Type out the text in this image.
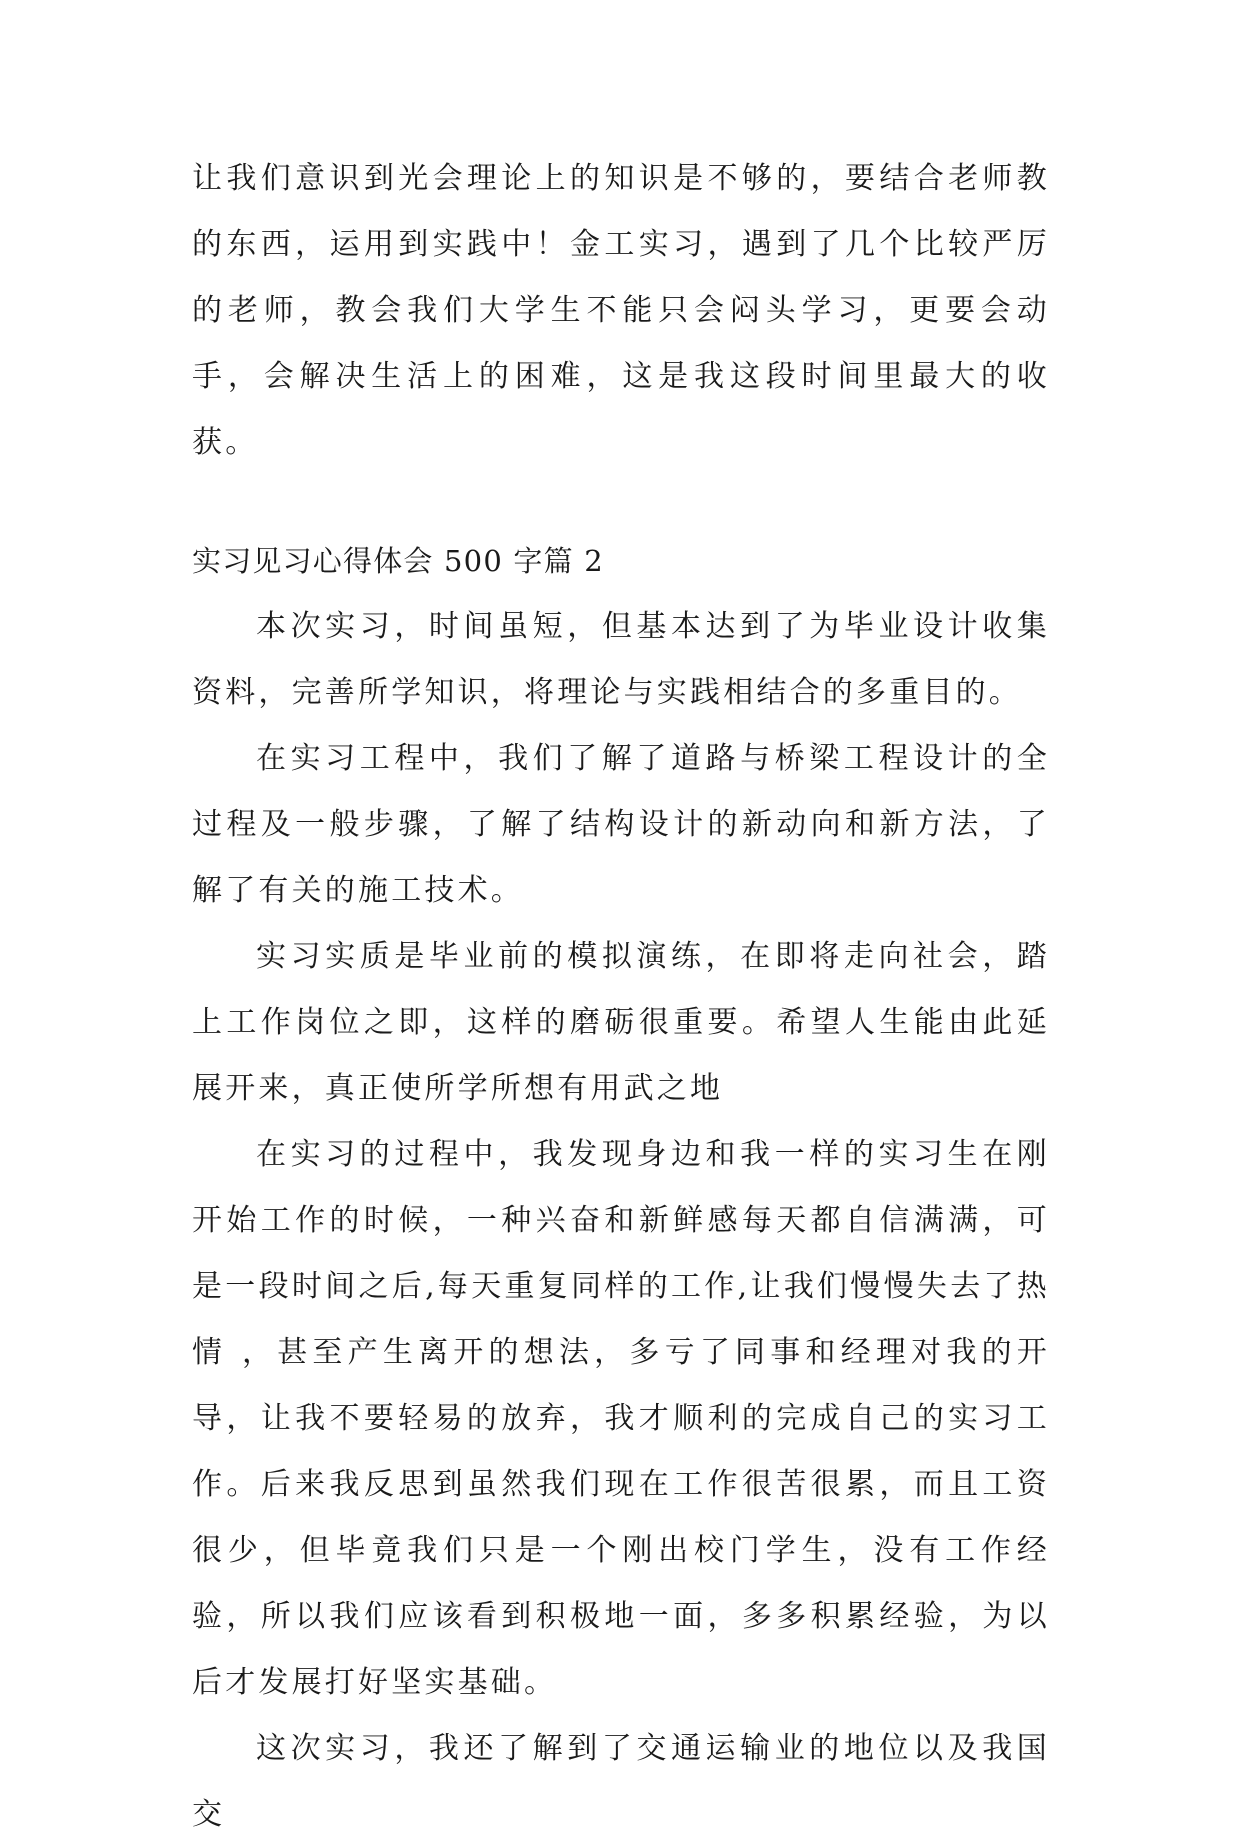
让我们意识到光会理论上的知识是不够的，要结合老师教的东西，运用到实践中！金工实习，遇到了几个比较严厉的老师，教会我们大学生不能只会闷头学习，更要会动手，会解决生活上的困难，这是我这段时间里最大的收获。

实习见习心得体会 500 字篇 2

本次实习，时间虽短，但基本达到了为毕业设计收集资料，完善所学知识，将理论与实践相结合的多重目的。

在实习工程中，我们了解了道路与桥梁工程设计的全过程及一般步骤，了解了结构设计的新动向和新方法，了解了有关的施工技术。

实习实质是毕业前的模拟演练，在即将走向社会，踏上工作岗位之即，这样的磨砺很重要。希望人生能由此延展开来，真正使所学所想有用武之地

在实习的过程中，我发现身边和我一样的实习生在刚开始工作的时候，一种兴奋和新鲜感每天都自信满满，可是一段时间之后,每天重复同样的工作,让我们慢慢失去了热情 ，甚至产生离开的想法，多亏了同事和经理对我的开导，让我不要轻易的放弃，我才顺利的完成自己的实习工作。后来我反思到虽然我们现在工作很苦很累，而且工资很少，但毕竟我们只是一个刚出校门学生，没有工作经验，所以我们应该看到积极地一面，多多积累经验，为以后才发展打好坚实基础。

这次实习，我还了解到了交通运输业的地位以及我国交
